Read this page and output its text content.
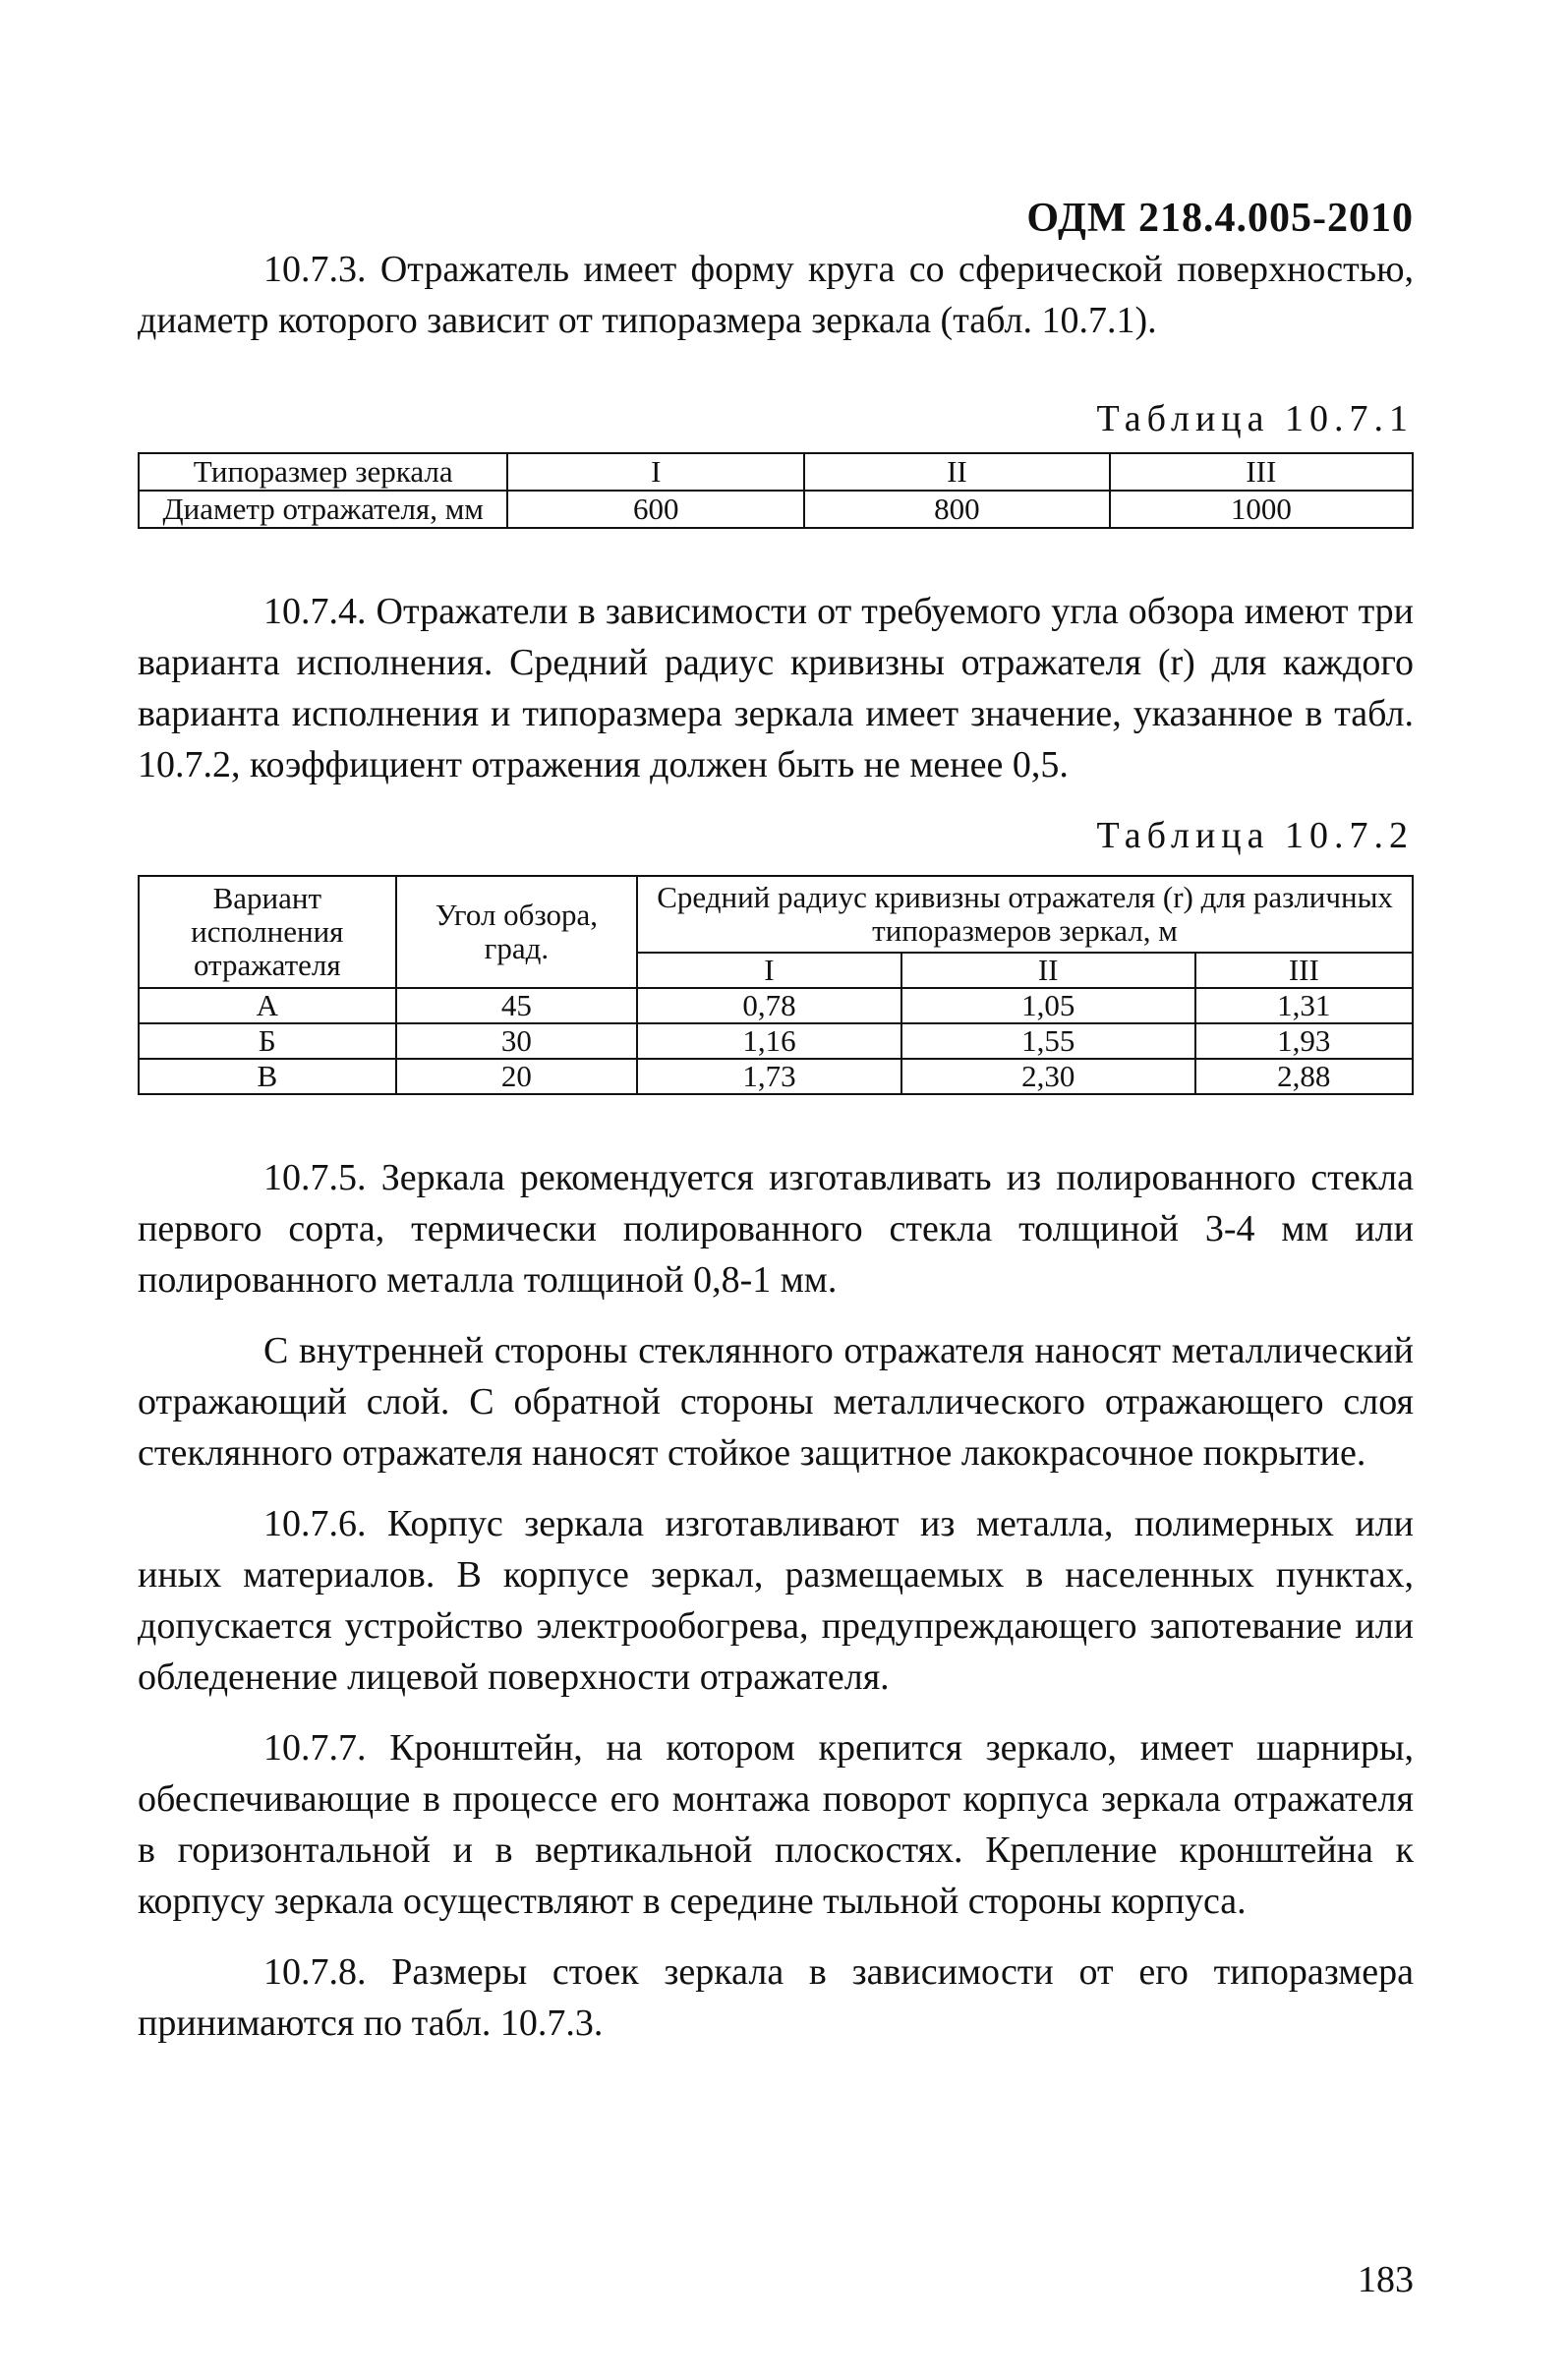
ОДМ 218.4.005-2010

10.7.3. Отражатель имеет форму круга со сферической поверхностью, диаметр которого зависит от типоразмера зеркала (табл. 10.7.1).

Таблица 10.7.1

Типоразмер зеркала	I	II	III
Диаметр отражателя, мм	600	800	1000

10.7.4. Отражатели в зависимости от требуемого угла обзора имеют три варианта исполнения. Средний радиус кривизны отражателя (r) для каждого варианта исполнения и типоразмера зеркала имеет значение, указанное в табл. 10.7.2, коэффициент отражения должен быть не менее 0,5.

Таблица 10.7.2

Вариант исполнения отражателя	Угол обзора, град.	Средний радиус кривизны отражателя (r) для различных типоразмеров зеркал, м		
		I	II	III
А	45	0,78	1,05	1,31
Б	30	1,16	1,55	1,93
В	20	1,73	2,30	2,88

10.7.5. Зеркала рекомендуется изготавливать из полированного стекла первого сорта, термически полированного стекла толщиной 3-4 мм или полированного металла толщиной 0,8-1 мм.

С внутренней стороны стеклянного отражателя наносят металлический отражающий слой. С обратной стороны металлического отражающего слоя стеклянного отражателя наносят стойкое защитное лакокрасочное покрытие.

10.7.6. Корпус зеркала изготавливают из металла, полимерных или иных материалов. В корпусе зеркал, размещаемых в населенных пунктах, допускается устройство электрообогрева, предупреждающего запотевание или обледенение лицевой поверхности отражателя.

10.7.7. Кронштейн, на котором крепится зеркало, имеет шарниры, обеспечивающие в процессе его монтажа поворот корпуса зеркала отражателя в горизонтальной и в вертикальной плоскостях. Крепление кронштейна к корпусу зеркала осуществляют в середине тыльной стороны корпуса.

10.7.8. Размеры стоек зеркала в зависимости от его типоразмера принимаются по табл. 10.7.3.

183
